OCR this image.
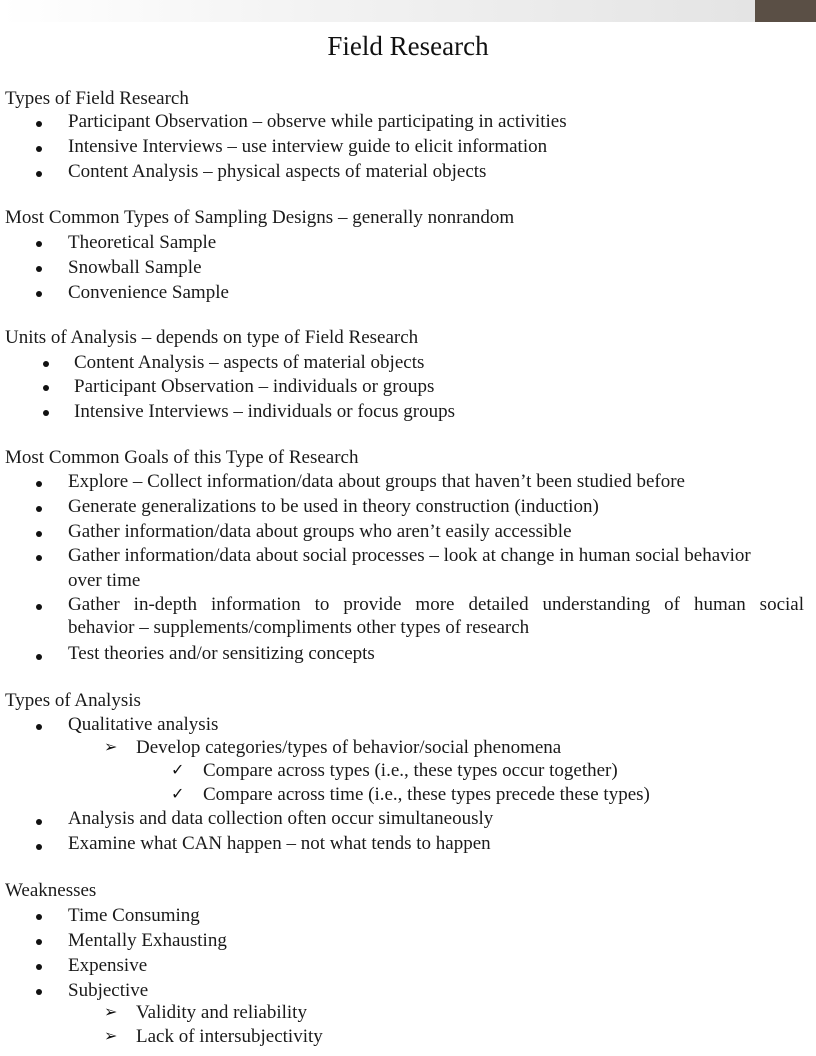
Field Research
Types of Field Research
Participant Observation – observe while participating in activities
Intensive Interviews – use interview guide to elicit information
Content Analysis – physical aspects of material objects
Most Common Types of Sampling Designs – generally nonrandom
Theoretical Sample
Snowball Sample
Convenience Sample
Units of Analysis – depends on type of Field Research
Content Analysis – aspects of material objects
Participant Observation – individuals or groups
Intensive Interviews – individuals or focus groups
Most Common Goals of this Type of Research
Explore – Collect information/data about groups that haven’t been studied before
Generate generalizations to be used in theory construction (induction)
Gather information/data about groups who aren’t easily accessible
Gather information/data about social processes – look at change in human social behavior
over time
Gather in-depth information to provide more detailed understanding of human social
behavior – supplements/compliments other types of research
Test theories and/or sensitizing concepts
Types of Analysis
Qualitative analysis
➢ Develop categories/types of behavior/social phenomena
✓ Compare across types (i.e., these types occur together)
✓ Compare across time (i.e., these types precede these types)
Analysis and data collection often occur simultaneously
Examine what CAN happen – not what tends to happen
Weaknesses
Time Consuming
Mentally Exhausting
Expensive
Subjective
➢ Validity and reliability
➢ Lack of intersubjectivity
